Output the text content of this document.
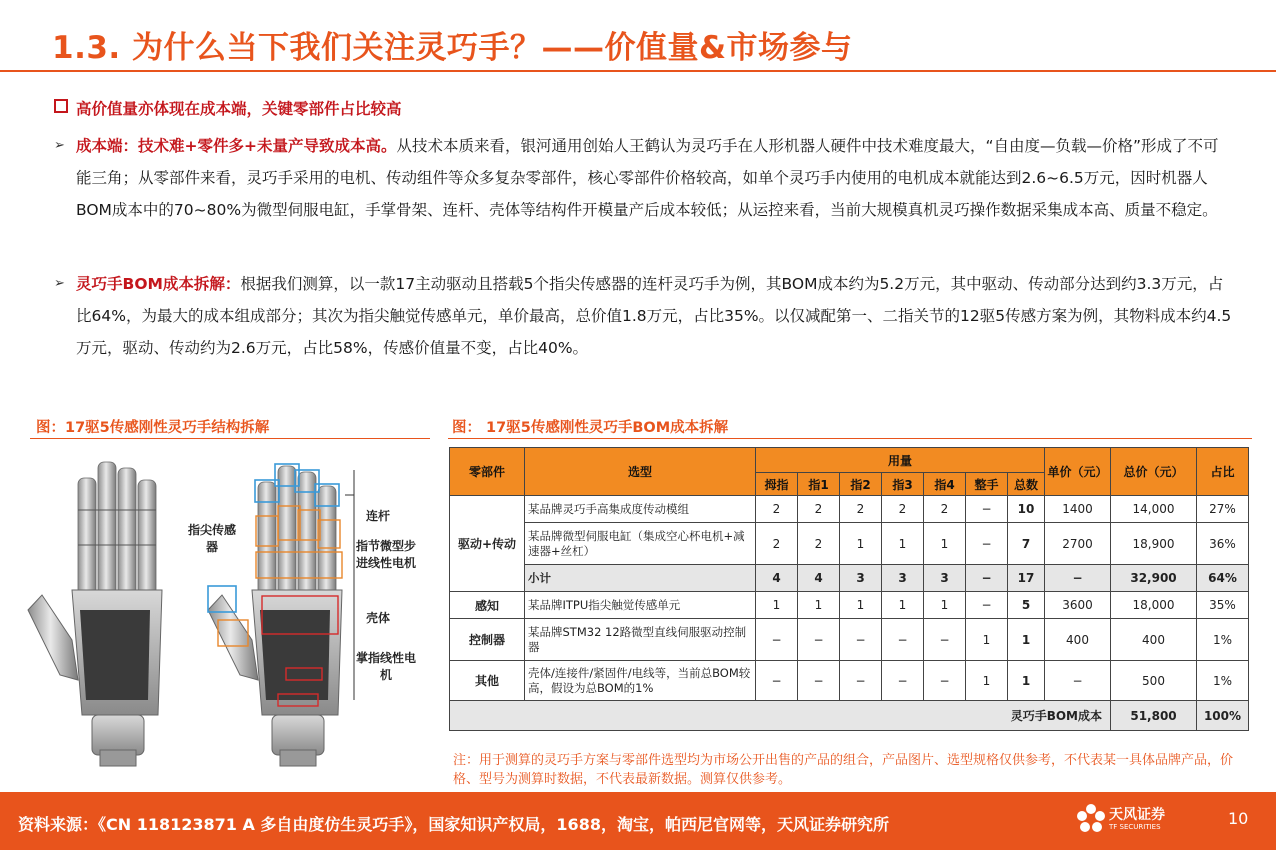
1.3. 为什么当下我们关注灵巧手？——价值量&市场参与
高价值量亦体现在成本端，关键零部件占比较高
➢ 成本端：技术难+零件多+未量产导致成本高。从技术本质来看，银河通用创始人王鹤认为灵巧手在人形机器人硬件中技术难度最大，“自由度—负载—价格”形成了不可能三角；从零部件来看，灵巧手采用的电机、传动组件等众多复杂零部件，核心零部件价格较高，如单个灵巧手内使用的电机成本就能达到2.6~6.5万元，因时机器人BOM成本中的70~80%为微型伺服电缸，手掌骨架、连杆、壳体等结构件开模量产后成本较低；从运控来看，当前大规模真机灵巧操作数据采集成本高、质量不稳定。
➢ 灵巧手BOM成本拆解：根据我们测算，以一款17主动驱动且搭载5个指尖传感器的连杆灵巧手为例，其BOM成本约为5.2万元，其中驱动、传动部分达到约3.3万元，占比64%，为最大的成本组成部分；其次为指尖触觉传感单元，单价最高，总价值1.8万元，占比35%。以仅减配第一、二指关节的12驱5传感方案为例，其物料成本约4.5万元，驱动、传动约为2.6万元，占比58%，传感价值量不变，占比40%。
图：17驱5传感刚性灵巧手结构拆解	图： 17驱5传感刚性灵巧手BOM成本拆解
指尖传感器
连杆
指节微型步进线性电机
壳体
掌指线性电机
零部件	选型	用量							单价（元）	总价（元）	占比
		拇指	指1	指2	指3	指4	整手	总数			
驱动+传动	某品牌灵巧手高集成度传动模组	2	2	2	2	2	−	10	1400	14,000	27%
	某品牌微型伺服电缸（集成空心杯电机+减速器+丝杠）	2	2	1	1	1	−	7	2700	18,900	36%
	小计	4	4	3	3	3	−	17	−	32,900	64%
感知	某品牌ITPU指尖触觉传感单元	1	1	1	1	1	−	5	3600	18,000	35%
控制器	某品牌STM32 12路微型直线伺服驱动控制器	−	−	−	−	−	1	1	400	400	1%
其他	壳体/连接件/紧固件/电线等，当前总BOM较高，假设为总BOM的1%	−	−	−	−	−	1	1	−	500	1%
灵巧手BOM成本										51,800	100%
注：用于测算的灵巧手方案与零部件选型均为市场公开出售的产品的组合，产品图片、选型规格仅供参考，不代表某一具体品牌产品，价格、型号为测算时数据，不代表最新数据。测算仅供参考。
资料来源：《CN 118123871 A 多自由度仿生灵巧手》，国家知识产权局，1688，淘宝，帕西尼官网等，天风证券研究所	天风证券
TF SECURITIES	10
